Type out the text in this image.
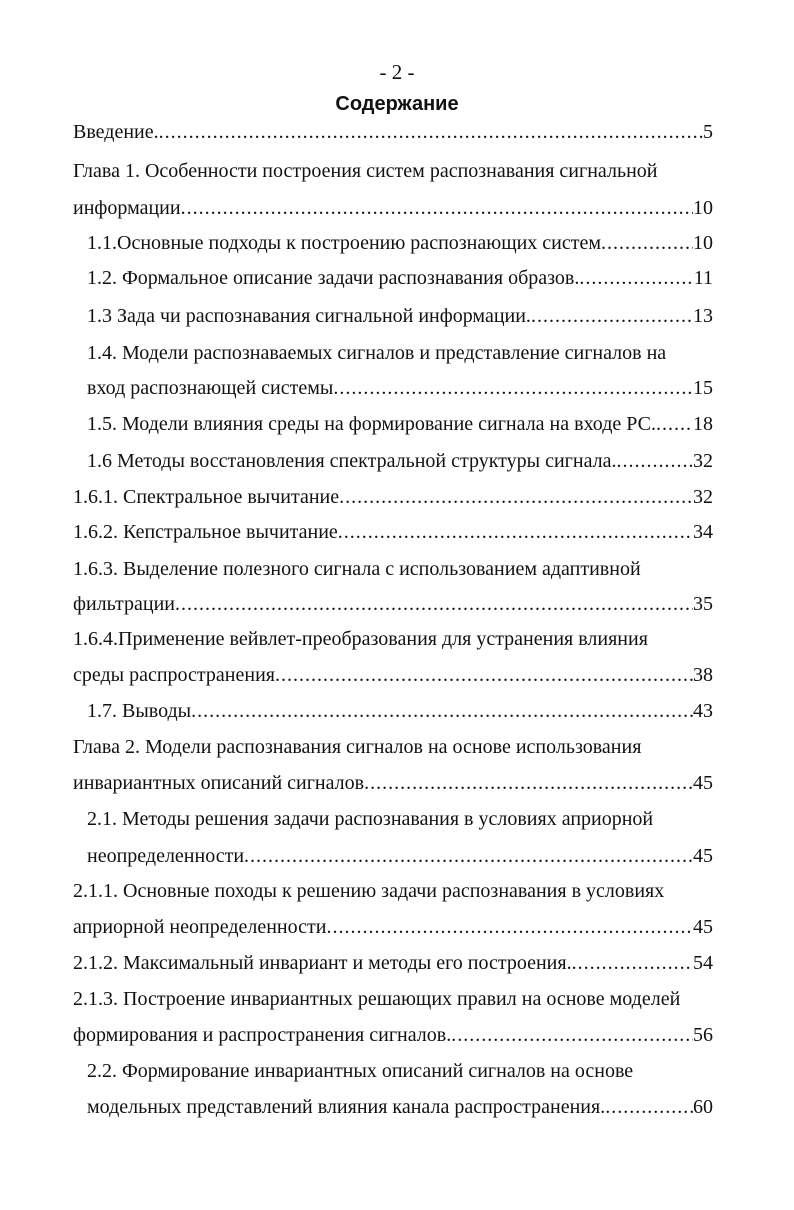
- 2 -
Содержание
Введение. .....	5
Глава 1. Особенности построения систем распознавания сигнальной
информации .....	10
1.1.Основные подходы к построению распознающих систем .....	10
1.2. Формальное описание задачи распознавания образов. .....	11
1.3 Зада чи распознавания сигнальной информации. .....	13
1.4. Модели распознаваемых сигналов и представление сигналов на
вход распознающей системы .....	15
1.5. Модели влияния среды на формирование сигнала на входе РС. ..... 18
1.6 Методы восстановления спектральной структуры сигнала. .....	32
1.6.1. Спектральное вычитание .....	32
1.6.2. Кепстральное вычитание .....	34
1.6.3. Выделение полезного сигнала с использованием адаптивной
фильтрации .....	35
1.6.4.Применение вейвлет-преобразования для устранения влияния
среды распространения .....	38
1.7. Выводы .....	43
Глава 2. Модели распознавания сигналов на основе использования
инвариантных описаний сигналов .....	45
2.1. Методы решения задачи распознавания в условиях априорной
неопределенности .....	45
2.1.1. Основные походы к решению задачи распознавания в условиях
априорной неопределенности .....	45
2.1.2. Максимальный инвариант и методы его построения. .....	54
2.1.3. Построение инвариантных решающих правил на основе моделей
формирования и распространения сигналов. .....	56
2.2. Формирование инвариантных описаний сигналов на основе
модельных представлений влияния канала распространения. .....	60
